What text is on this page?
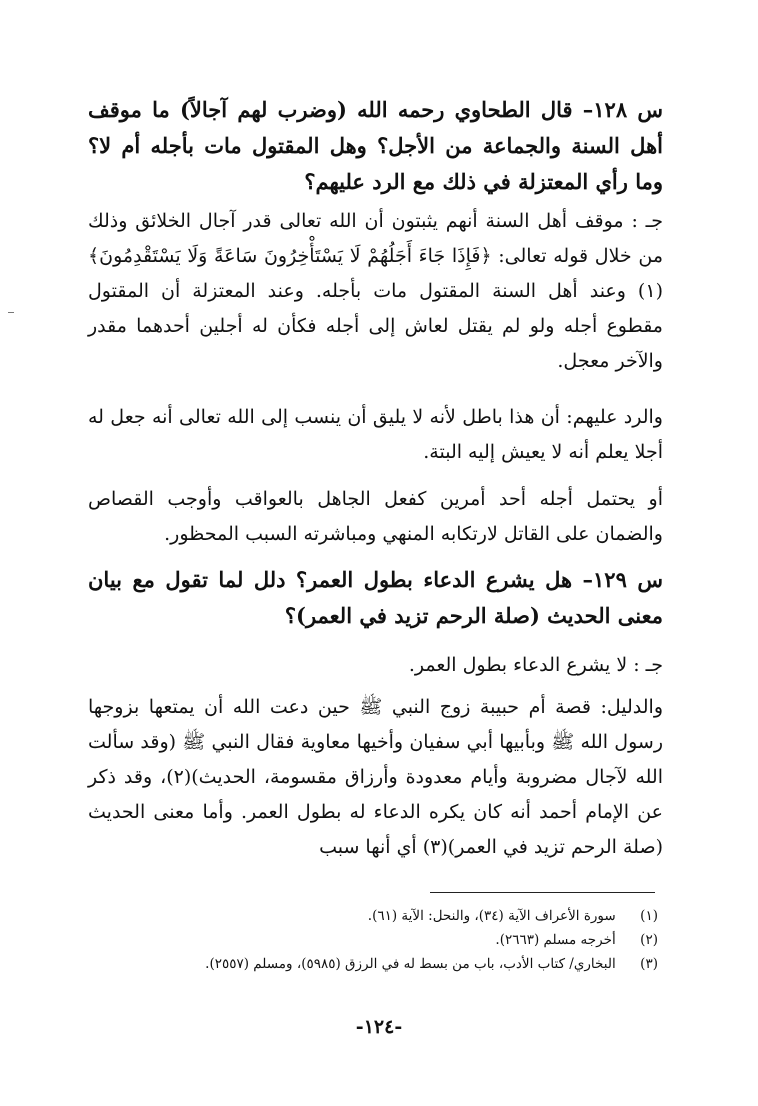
س ١٢٨– قال الطحاوي رحمه الله (وضرب لهم آجالاً) ما موقف أهل السنة والجماعة من الأجل؟ وهل المقتول مات بأجله أم لا؟ وما رأي المعتزلة في ذلك مع الرد عليهم؟

جـ : موقف أهل السنة أنهم يثبتون أن الله تعالى قدر آجال الخلائق وذلك من خلال قوله تعالى: ﴿فَإِذَا جَاءَ أَجَلُهُمْ لَا يَسْتَأْخِرُونَ سَاعَةً وَلَا يَسْتَقْدِمُونَ﴾(١) وعند أهل السنة المقتول مات بأجله. وعند المعتزلة أن المقتول مقطوع أجله ولو لم يقتل لعاش إلى أجله فكأن له أجلين أحدهما مقدر والآخر معجل.

والرد عليهم: أن هذا باطل لأنه لا يليق أن ينسب إلى الله تعالى أنه جعل له أجلا يعلم أنه لا يعيش إليه البتة.

أو يحتمل أجله أحد أمرين كفعل الجاهل بالعواقب وأوجب القصاص والضمان على القاتل لارتكابه المنهي ومباشرته السبب المحظور.

س ١٢٩– هل يشرع الدعاء بطول العمر؟ دلل لما تقول مع بيان معنى الحديث (صلة الرحم تزيد في العمر)؟

جـ : لا يشرع الدعاء بطول العمر.

والدليل: قصة أم حبيبة زوج النبي ﷺ حين دعت الله أن يمتعها بزوجها رسول الله ﷺ وبأبيها أبي سفيان وأخيها معاوية فقال النبي ﷺ (وقد سألت الله لآجال مضروبة وأيام معدودة وأرزاق مقسومة، الحديث)(٢)، وقد ذكر عن الإمام أحمد أنه كان يكره الدعاء له بطول العمر. وأما معنى الحديث (صلة الرحم تزيد في العمر)(٣) أي أنها سبب

(١) سورة الأعراف الآية (٣٤)، والنحل: الآية (٦١).
(٢) أخرجه مسلم (٢٦٦٣).
(٣) البخاري/ كتاب الأدب، باب من بسط له في الرزق (٥٩٨٥)، ومسلم (٢٥٥٧).
-١٢٤-
